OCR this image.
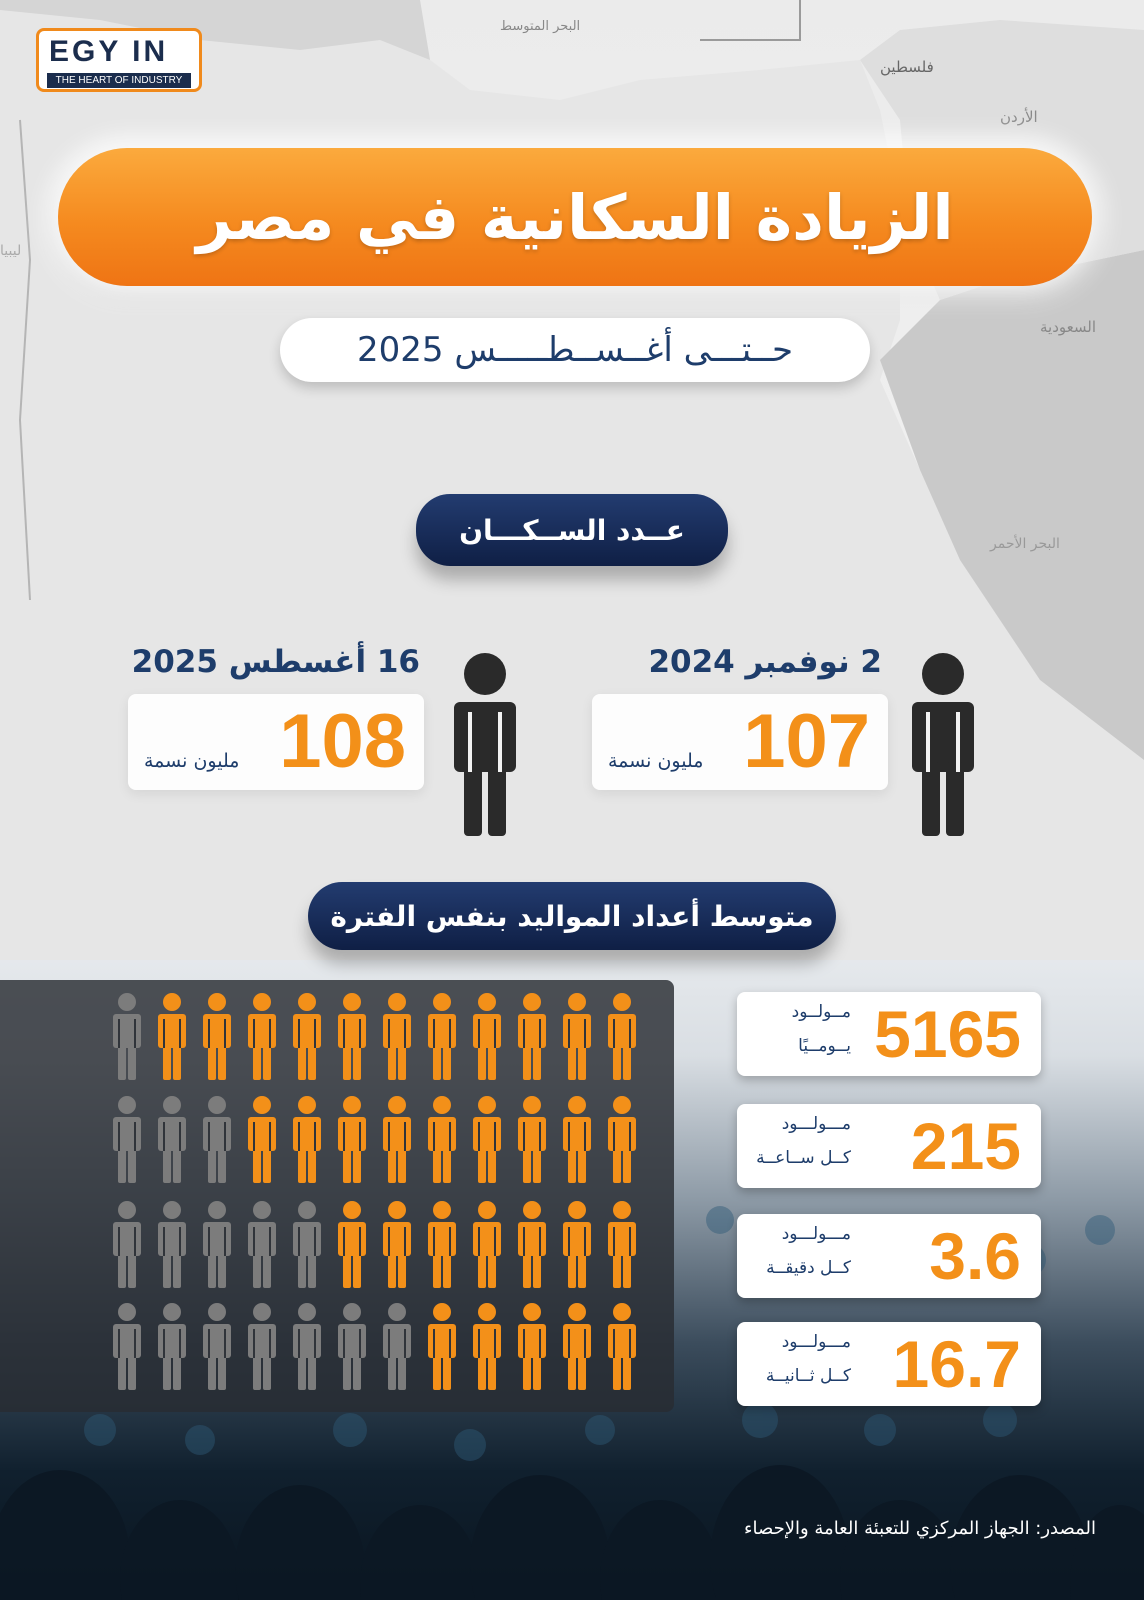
البحر المتوسط
فلسطين
الأردن
السعودية
البحر الأحمر
ليبيا
EGY IN
THE HEART OF INDUSTRY
الزيادة السكانية في مصر
حــتـــى أغــســطـــــس 2025
عــدد الســكـــان
2 نوفمبر 2024
107
مليون نسمة
16 أغسطس 2025
108
مليون نسمة
متوسط أعداد المواليد بنفس الفترة
5165
مــولــود
يــومــيًا
215
مـــولـــود
كــل ســاعــة
3.6
مـــولـــود
كــل دقيقــة
16.7
مـــولـــود
كــل ثــانيــة
المصدر: الجهاز المركزي للتعبئة العامة والإحصاء
